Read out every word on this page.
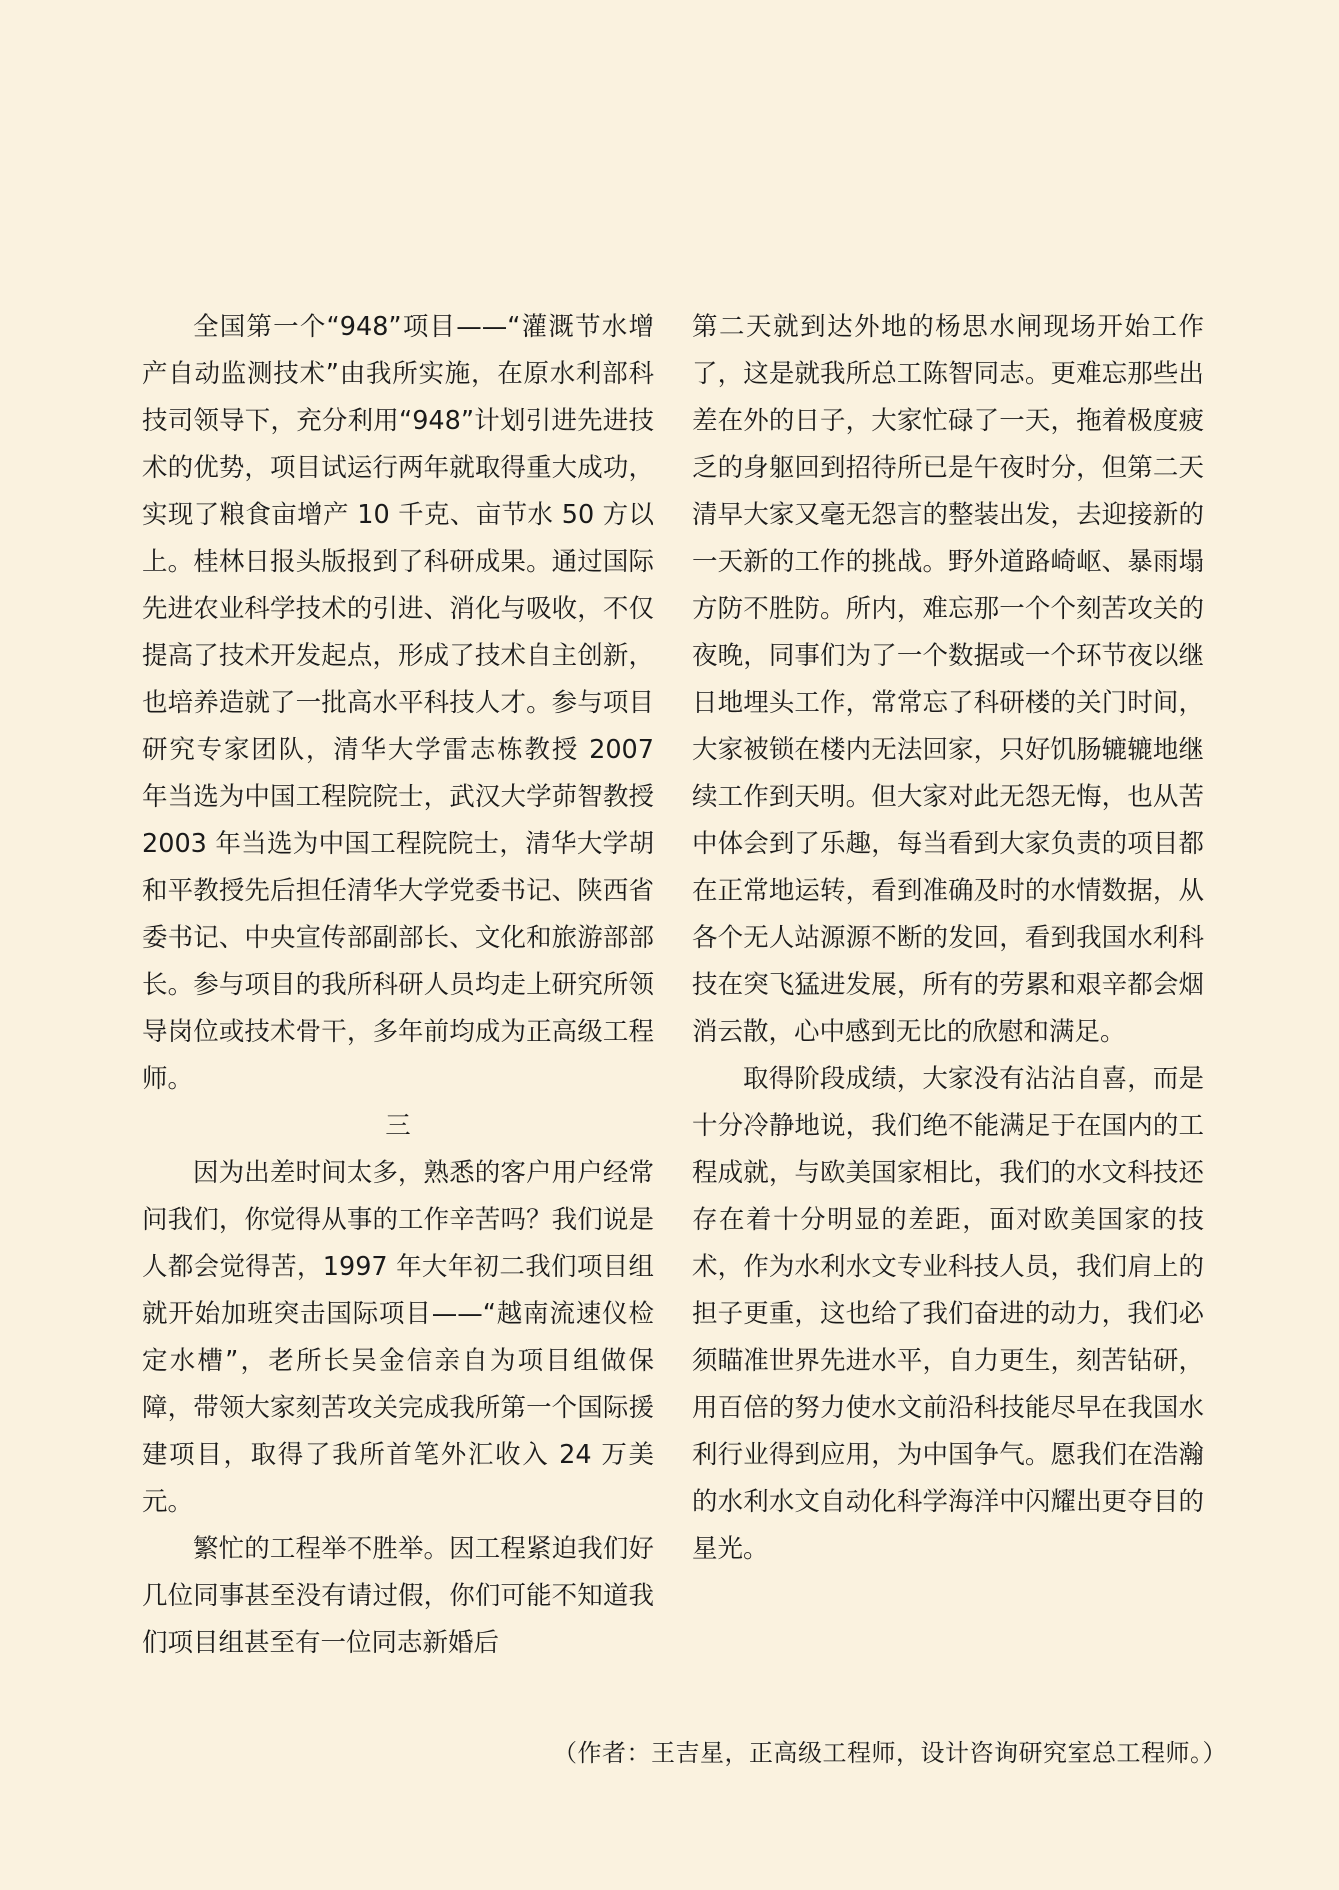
全国第一个“948”项目——“灌溉节水增产自动监测技术”由我所实施，在原水利部科技司领导下，充分利用“948”计划引进先进技术的优势，项目试运行两年就取得重大成功，实现了粮食亩增产 10 千克、亩节水 50 方以上。桂林日报头版报到了科研成果。通过国际先进农业科学技术的引进、消化与吸收，不仅提高了技术开发起点，形成了技术自主创新，也培养造就了一批高水平科技人才。参与项目研究专家团队，清华大学雷志栋教授 2007 年当选为中国工程院院士，武汉大学茆智教授 2003 年当选为中国工程院院士，清华大学胡和平教授先后担任清华大学党委书记、陕西省委书记、中央宣传部副部长、文化和旅游部部长。参与项目的我所科研人员均走上研究所领导岗位或技术骨干，多年前均成为正高级工程师。

三

因为出差时间太多，熟悉的客户用户经常问我们，你觉得从事的工作辛苦吗？我们说是人都会觉得苦，1997 年大年初二我们项目组就开始加班突击国际项目——“越南流速仪检定水槽”，老所长吴金信亲自为项目组做保障，带领大家刻苦攻关完成我所第一个国际援建项目，取得了我所首笔外汇收入 24 万美元。

繁忙的工程举不胜举。因工程紧迫我们好几位同事甚至没有请过假，你们可能不知道我们项目组甚至有一位同志新婚后

第二天就到达外地的杨思水闸现场开始工作了，这是就我所总工陈智同志。更难忘那些出差在外的日子，大家忙碌了一天，拖着极度疲乏的身躯回到招待所已是午夜时分，但第二天清早大家又毫无怨言的整装出发，去迎接新的一天新的工作的挑战。野外道路崎岖、暴雨塌方防不胜防。所内，难忘那一个个刻苦攻关的夜晚，同事们为了一个数据或一个环节夜以继日地埋头工作，常常忘了科研楼的关门时间，大家被锁在楼内无法回家，只好饥肠辘辘地继续工作到天明。但大家对此无怨无悔，也从苦中体会到了乐趣，每当看到大家负责的项目都在正常地运转，看到准确及时的水情数据，从各个无人站源源不断的发回，看到我国水利科技在突飞猛进发展，所有的劳累和艰辛都会烟消云散，心中感到无比的欣慰和满足。

取得阶段成绩，大家没有沾沾自喜，而是十分冷静地说，我们绝不能满足于在国内的工程成就，与欧美国家相比，我们的水文科技还存在着十分明显的差距，面对欧美国家的技术，作为水利水文专业科技人员，我们肩上的担子更重，这也给了我们奋进的动力，我们必须瞄准世界先进水平，自力更生，刻苦钻研，用百倍的努力使水文前沿科技能尽早在我国水利行业得到应用，为中国争气。愿我们在浩瀚的水利水文自动化科学海洋中闪耀出更夺目的星光。

（作者：王吉星，正高级工程师，设计咨询研究室总工程师。）
